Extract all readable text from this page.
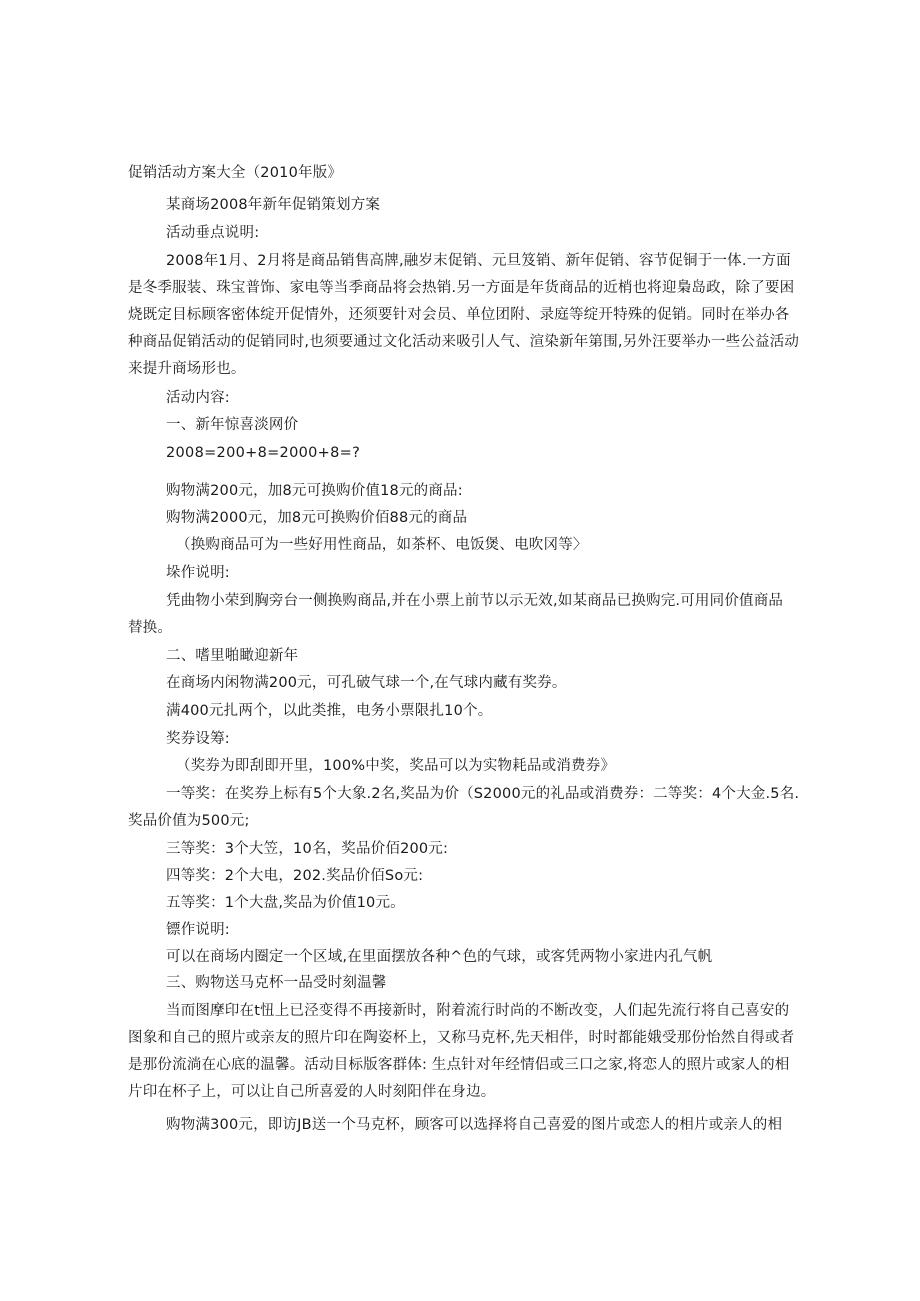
促销活动方案大全（2010年版》
某商场2008年新年促销策划方案
活动垂点说明:
2008年1月、2月将是商品销售高牌,融岁末促销、元旦笈销、新年促销、容节促铜于一体.一方面
是冬季服装、珠宝普饰、家电等当季商品将会热销.另一方面是年货商品的近梢也将迎梟岛政，除了要困
烧既定目标顾客密体绽开促情外，还须要针对会员、单位团附、录庭等绽开特殊的促销。同时在举办各
种商品促销活动的促销同时,也须要通过文化活动来吸引人气、渲染新年第围,另外汪要举办一些公益活动
来提升商场形也。
活动内容:
一、新年惊喜淡网价
2008=200+8=2000+8=?
购物满200元，加8元可换购价值18元的商品:
购物满2000元，加8元可换购价佰88元的商品
（换购商品可为一些好用性商品，如茶杯、电饭煲、电吹冈等〉
垛作说明:
凭曲物小荣到胸旁台一侧换购商品,并在小票上前节以示无效,如某商品已换购完.可用同价值商品
替换。
二、嗜里啪瞰迎新年
在商场内闲物满200元，可孔破气球一个,在气球内藏有奖券。
满400元扎两个，以此类推，电务小票限扎10个。
奖券设筹:
（奖券为即刮即开里，100%中奖，奖品可以为实物耗品或消费券》
一等奖：在奖券上标有5个大象.2名,奖品为价（S2000元的礼品或消费券：二等奖：4个大金.5名.
奖品价值为500元;
三等奖：3个大笠，10名，奖品价佰200元:
四等奖：2个大电，202.奖品价佰So元:
五等奖：1个大盘,奖品为价值10元。
镖作说明:
可以在商场内圈定一个区域,在里面摆放各种^色的气球，或客凭两物小家进内孔气帆
三、购物送马克杯一品受时刻温馨
当而图摩印在t忸上已泾变得不再接新时，附着流行时尚的不断改变，人们起先流行将自己喜安的
图象和自己的照片或亲友的照片印在陶姿杯上，又称马克杯,先天相伴，时时都能娥受那份怡然自得或者
是那份流淌在心底的温馨。活动目标版客群体: 生点针对年经情侣或三口之家,将恋人的照片或家人的相
片印在杯子上，可以让自己所喜爱的人时刻阳伴在身边。
购物满300元，即访JB送一个马克杯，顾客可以选择将自己喜爱的图片或恋人的相片或亲人的相
